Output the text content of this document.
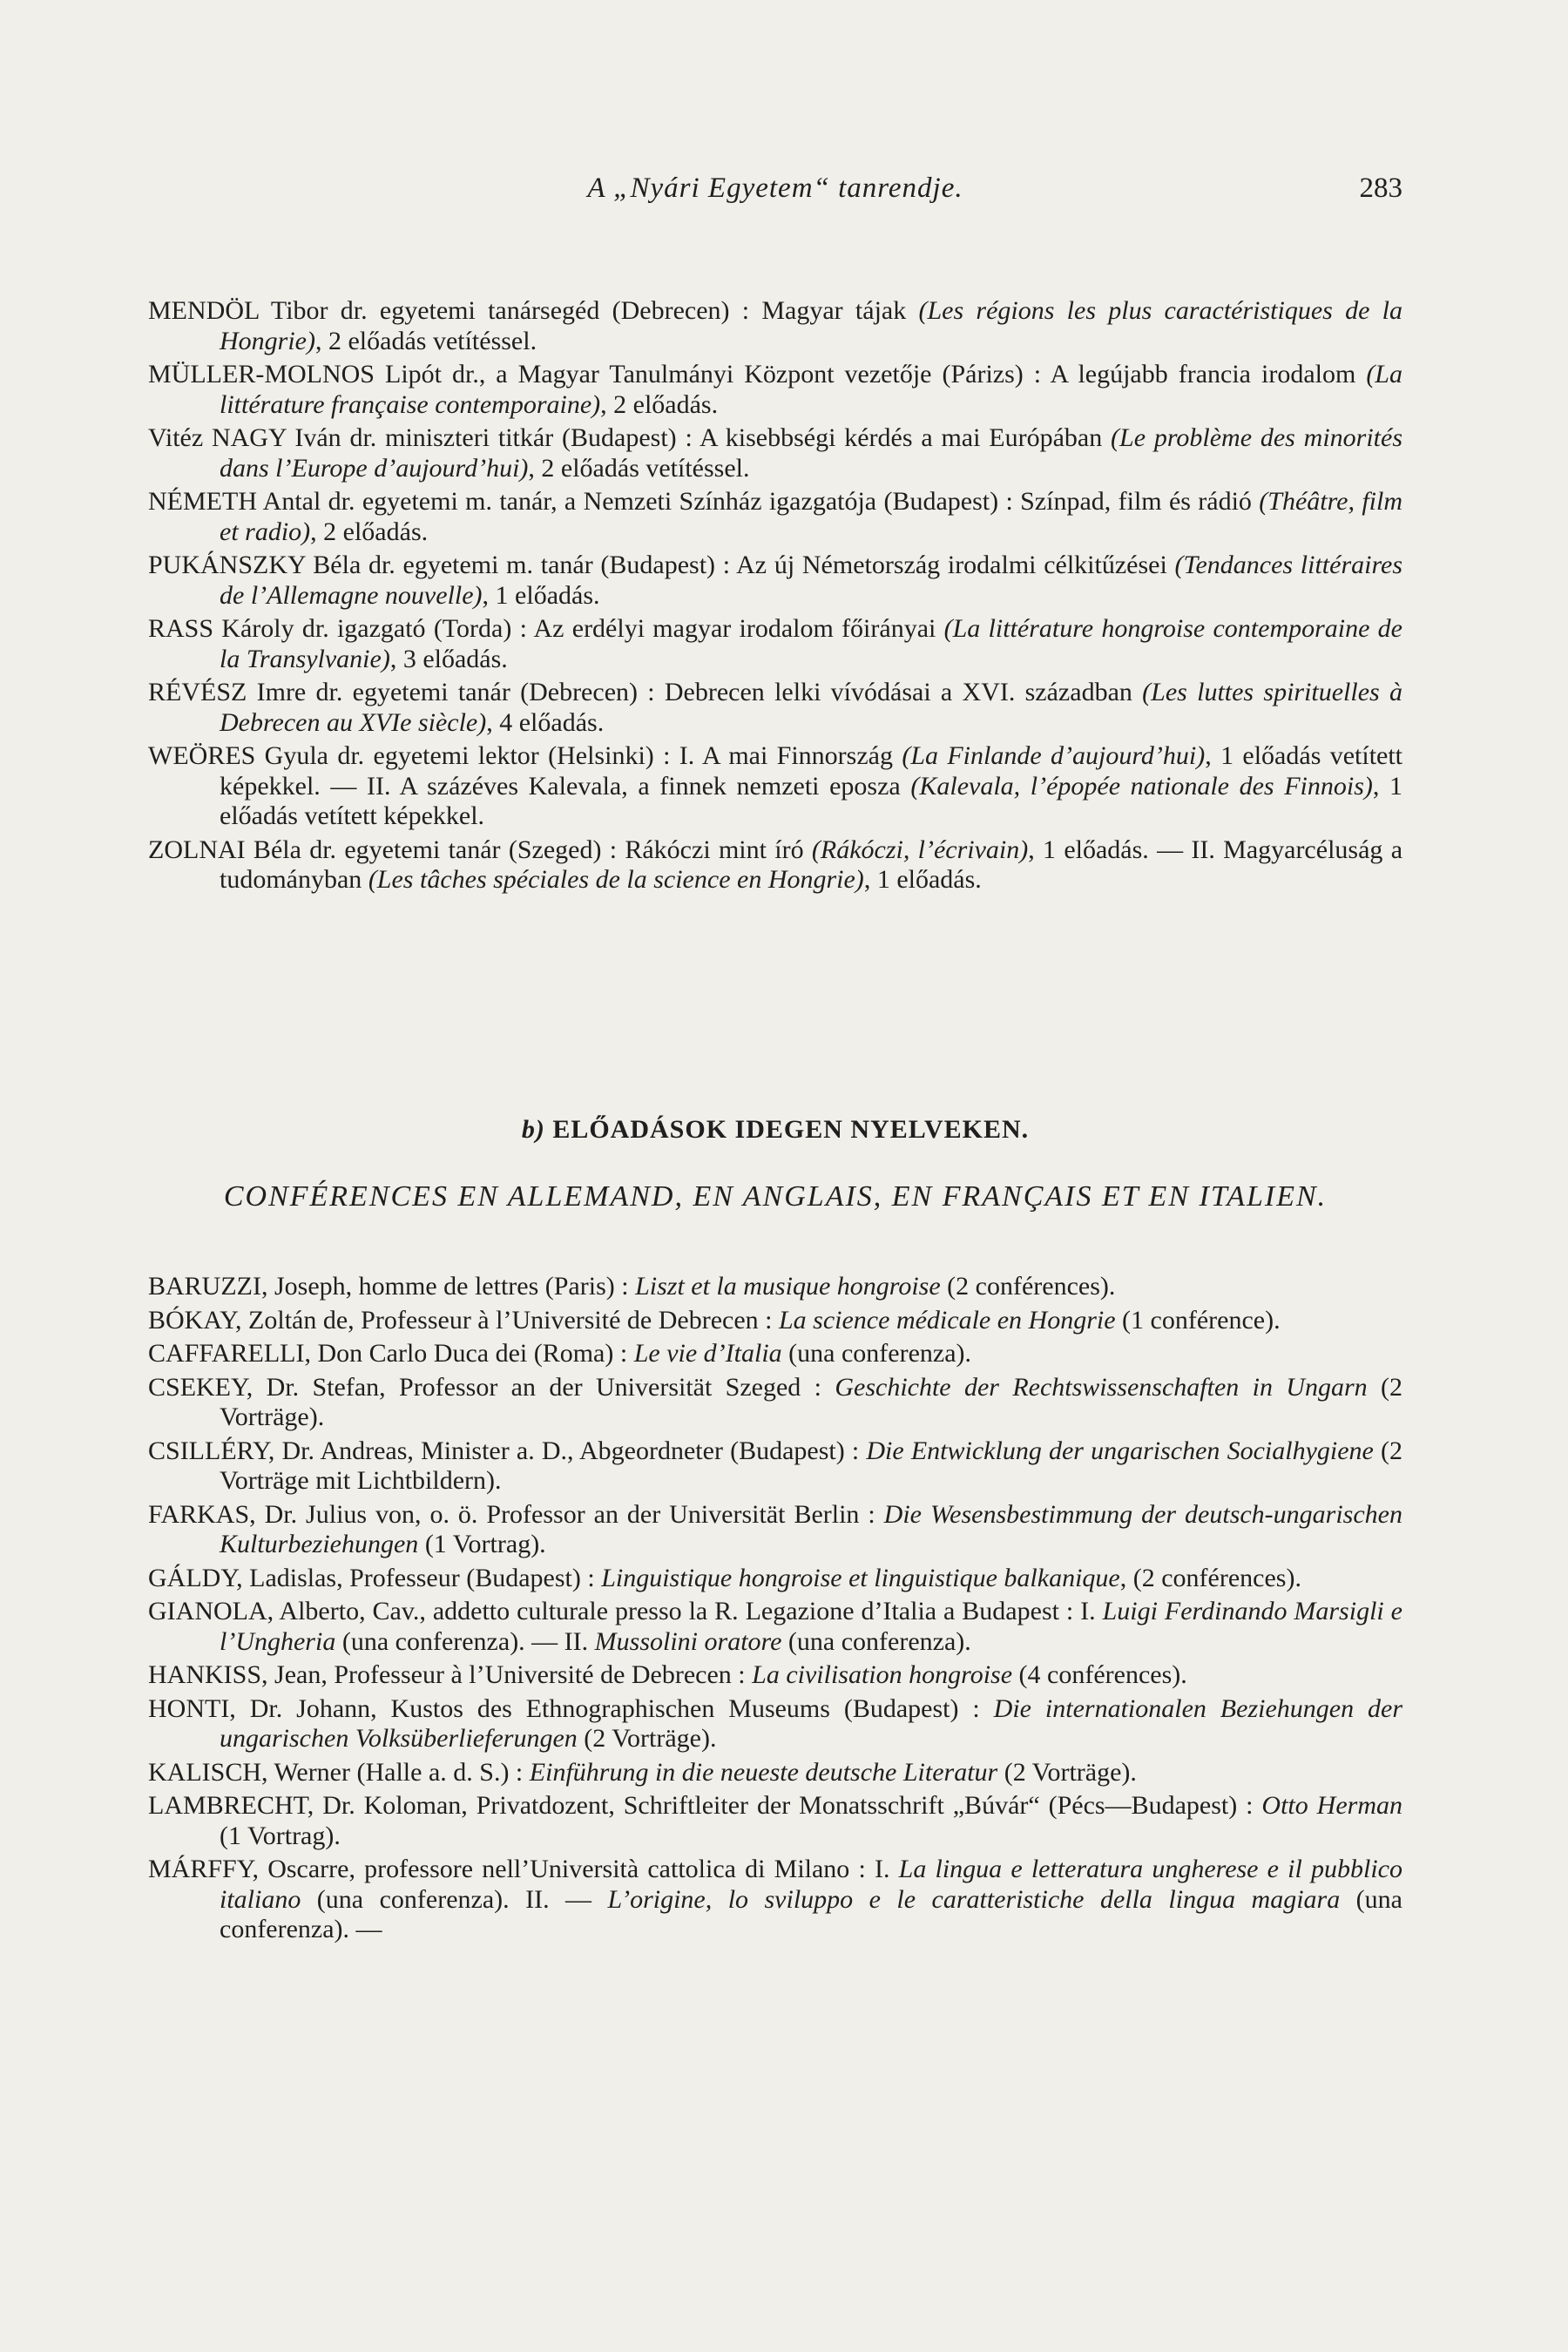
A „Nyári Egyetem“ tanrendje.	283

MENDÖL Tibor dr. egyetemi tanársegéd (Debrecen) : Magyar tájak (Les régions les plus caractéristiques de la Hongrie), 2 előadás vetítéssel.

MÜLLER-MOLNOS Lipót dr., a Magyar Tanulmányi Központ vezetője (Párizs) : A legújabb francia irodalom (La littérature française contemporaine), 2 előadás.

Vitéz NAGY Iván dr. miniszteri titkár (Budapest) : A kisebbségi kérdés a mai Európában (Le problème des minorités dans l’Europe d’aujourd’hui), 2 előadás vetítéssel.

NÉMETH Antal dr. egyetemi m. tanár, a Nemzeti Színház igazgatója (Budapest) : Színpad, film és rádió (Théâtre, film et radio), 2 előadás.

PUKÁNSZKY Béla dr. egyetemi m. tanár (Budapest) : Az új Németország irodalmi célkitűzései (Tendances littéraires de l’Allemagne nouvelle), 1 előadás.

RASS Károly dr. igazgató (Torda) : Az erdélyi magyar irodalom főirányai (La littérature hongroise contemporaine de la Transylvanie), 3 előadás.

RÉVÉSZ Imre dr. egyetemi tanár (Debrecen) : Debrecen lelki vívódásai a XVI. században (Les luttes spirituelles à Debrecen au XVIe siècle), 4 előadás.

WEÖRES Gyula dr. egyetemi lektor (Helsinki) : I. A mai Finnország (La Finlande d’aujourd’hui), 1 előadás vetített képekkel. — II. A százéves Kalevala, a finnek nemzeti eposza (Kalevala, l’épopée nationale des Finnois), 1 előadás vetített képekkel.

ZOLNAI Béla dr. egyetemi tanár (Szeged) : Rákóczi mint író (Rákóczi, l’écrivain), 1 előadás. — II. Magyarcéluság a tudományban (Les tâches spéciales de la science en Hongrie), 1 előadás.

b) ELŐADÁSOK IDEGEN NYELVEKEN.
CONFÉRENCES EN ALLEMAND, EN ANGLAIS, EN FRANÇAIS ET EN ITALIEN.

BARUZZI, Joseph, homme de lettres (Paris) : Liszt et la musique hongroise (2 conférences).

BÓKAY, Zoltán de, Professeur à l’Université de Debrecen : La science médicale en Hongrie (1 conférence).

CAFFARELLI, Don Carlo Duca dei (Roma) : Le vie d’Italia (una conferenza).

CSEKEY, Dr. Stefan, Professor an der Universität Szeged : Geschichte der Rechtswissenschaften in Ungarn (2 Vorträge).

CSILLÉRY, Dr. Andreas, Minister a. D., Abgeordneter (Budapest) : Die Entwicklung der ungarischen Socialhygiene (2 Vorträge mit Lichtbildern).

FARKAS, Dr. Julius von, o. ö. Professor an der Universität Berlin : Die Wesensbestimmung der deutsch-ungarischen Kulturbeziehungen (1 Vortrag).

GÁLDY, Ladislas, Professeur (Budapest) : Linguistique hongroise et linguistique balkanique, (2 conférences).

GIANOLA, Alberto, Cav., addetto culturale presso la R. Legazione d’Italia a Budapest : I. Luigi Ferdinando Marsigli e l’Ungheria (una conferenza). — II. Mussolini oratore (una conferenza).

HANKISS, Jean, Professeur à l’Université de Debrecen : La civilisation hongroise (4 conférences).

HONTI, Dr. Johann, Kustos des Ethnographischen Museums (Budapest) : Die internationalen Beziehungen der ungarischen Volksüberlieferungen (2 Vorträge).

KALISCH, Werner (Halle a. d. S.) : Einführung in die neueste deutsche Literatur (2 Vorträge).

LAMBRECHT, Dr. Koloman, Privatdozent, Schriftleiter der Monatsschrift „Búvár“ (Pécs—Budapest) : Otto Herman (1 Vortrag).

MÁRFFY, Oscarre, professore nell’Università cattolica di Milano : I. La lingua e letteratura ungherese e il pubblico italiano (una conferenza). II. — L’origine, lo sviluppo e le caratteristiche della lingua magiara (una conferenza). —
